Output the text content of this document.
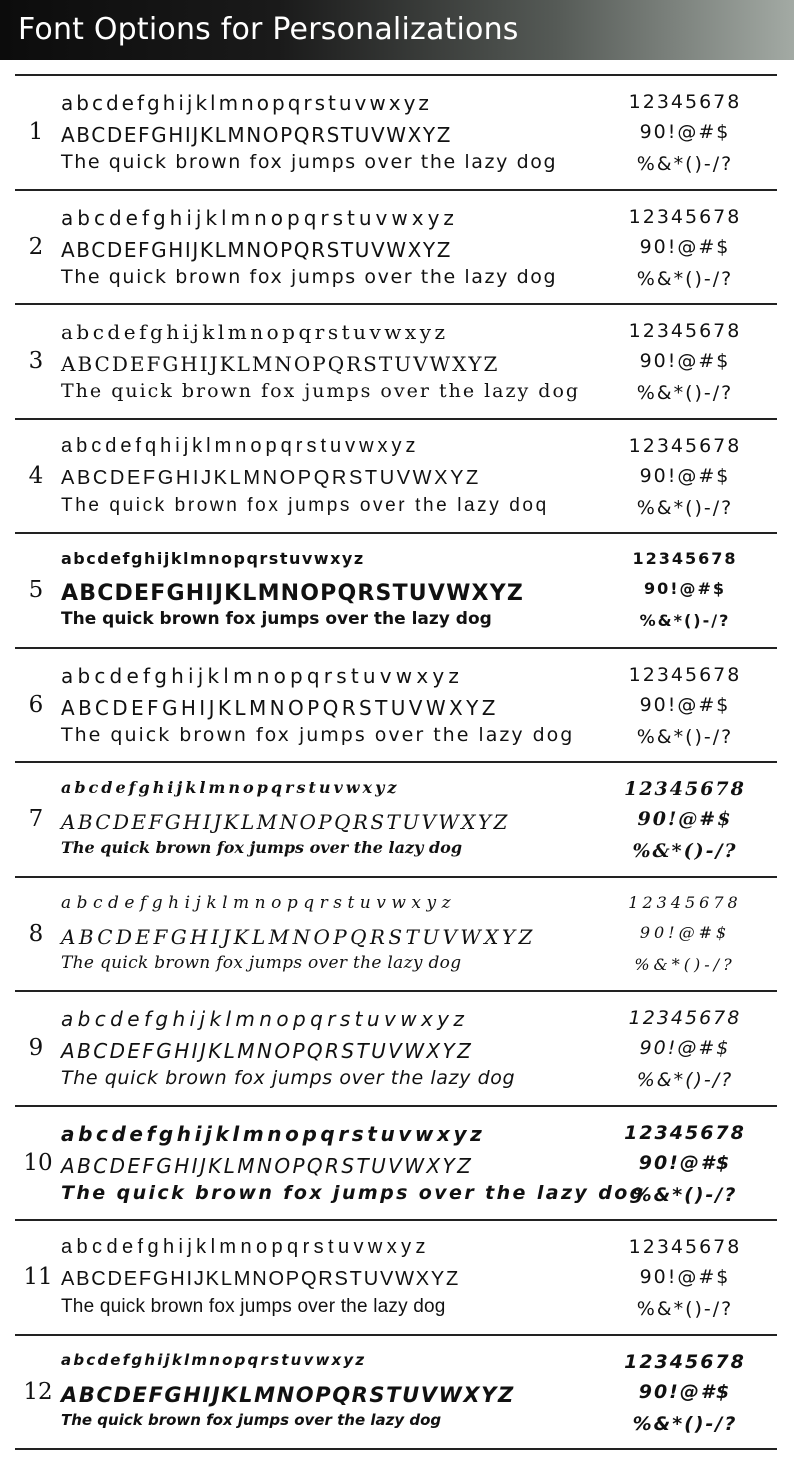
Font Options for Personalizations
1
abcdefghijklmnopqrstuvwxyz
ABCDEFGHIJKLMNOPQRSTUVWXYZ
The quick brown fox jumps over the lazy dog
12345678
90!@#$
%&*()-/?
2
abcdefghijklmnopqrstuvwxyz
ABCDEFGHIJKLMNOPQRSTUVWXYZ
The quick brown fox jumps over the lazy dog
12345678
90!@#$
%&*()-/?
3
abcdefghijklmnopqrstuvwxyz
ABCDEFGHIJKLMNOPQRSTUVWXYZ
The quick brown fox jumps over the lazy dog
12345678
90!@#$
%&*()-/?
4
abcdefqhijklmnopqrstuvwxyz
ABCDEFGHIJKLMNOPQRSTUVWXYZ
The quick brown fox jumps over the lazy doq
12345678
90!@#$
%&*()-/?
5
abcdefghijklmnopqrstuvwxyz
ABCDEFGHIJKLMNOPQRSTUVWXYZ
The quick brown fox jumps over the lazy dog
12345678
90!@#$
%&*()-/?
6
abcdefghijklmnopqrstuvwxyz
ABCDEFGHIJKLMNOPQRSTUVWXYZ
The quick brown fox jumps over the lazy dog
12345678
90!@#$
%&*()-/?
7
abcdefghijklmnopqrstuvwxyz
ABCDEFGHIJKLMNOPQRSTUVWXYZ
The quick brown fox jumps over the lazy dog
12345678
90!@#$
%&*()-/?
8
abcdefghijklmnopqrstuvwxyz
ABCDEFGHIJKLMNOPQRSTUVWXYZ
The quick brown fox jumps over the lazy dog
12345678
90!@#$
%&*()-/?
9
abcdefghijklmnopqrstuvwxyz
ABCDEFGHIJKLMNOPQRSTUVWXYZ
The quick brown fox jumps over the lazy dog
12345678
90!@#$
%&*()-/?
10
abcdefghijklmnopqrstuvwxyz
ABCDEFGHIJKLMNOPQRSTUVWXYZ
The quick brown fox jumps over the lazy dog
12345678
90!@#$
%&*()-/?
11
abcdefghijklmnopqrstuvwxyz
ABCDEFGHIJKLMNOPQRSTUVWXYZ
The quick brown fox jumps over the lazy dog
12345678
90!@#$
%&*()-/?
12
abcdefghijklmnopqrstuvwxyz
ABCDEFGHIJKLMNOPQRSTUVWXYZ
The quick brown fox jumps over the lazy dog
12345678
90!@#$
%&*()-/?
